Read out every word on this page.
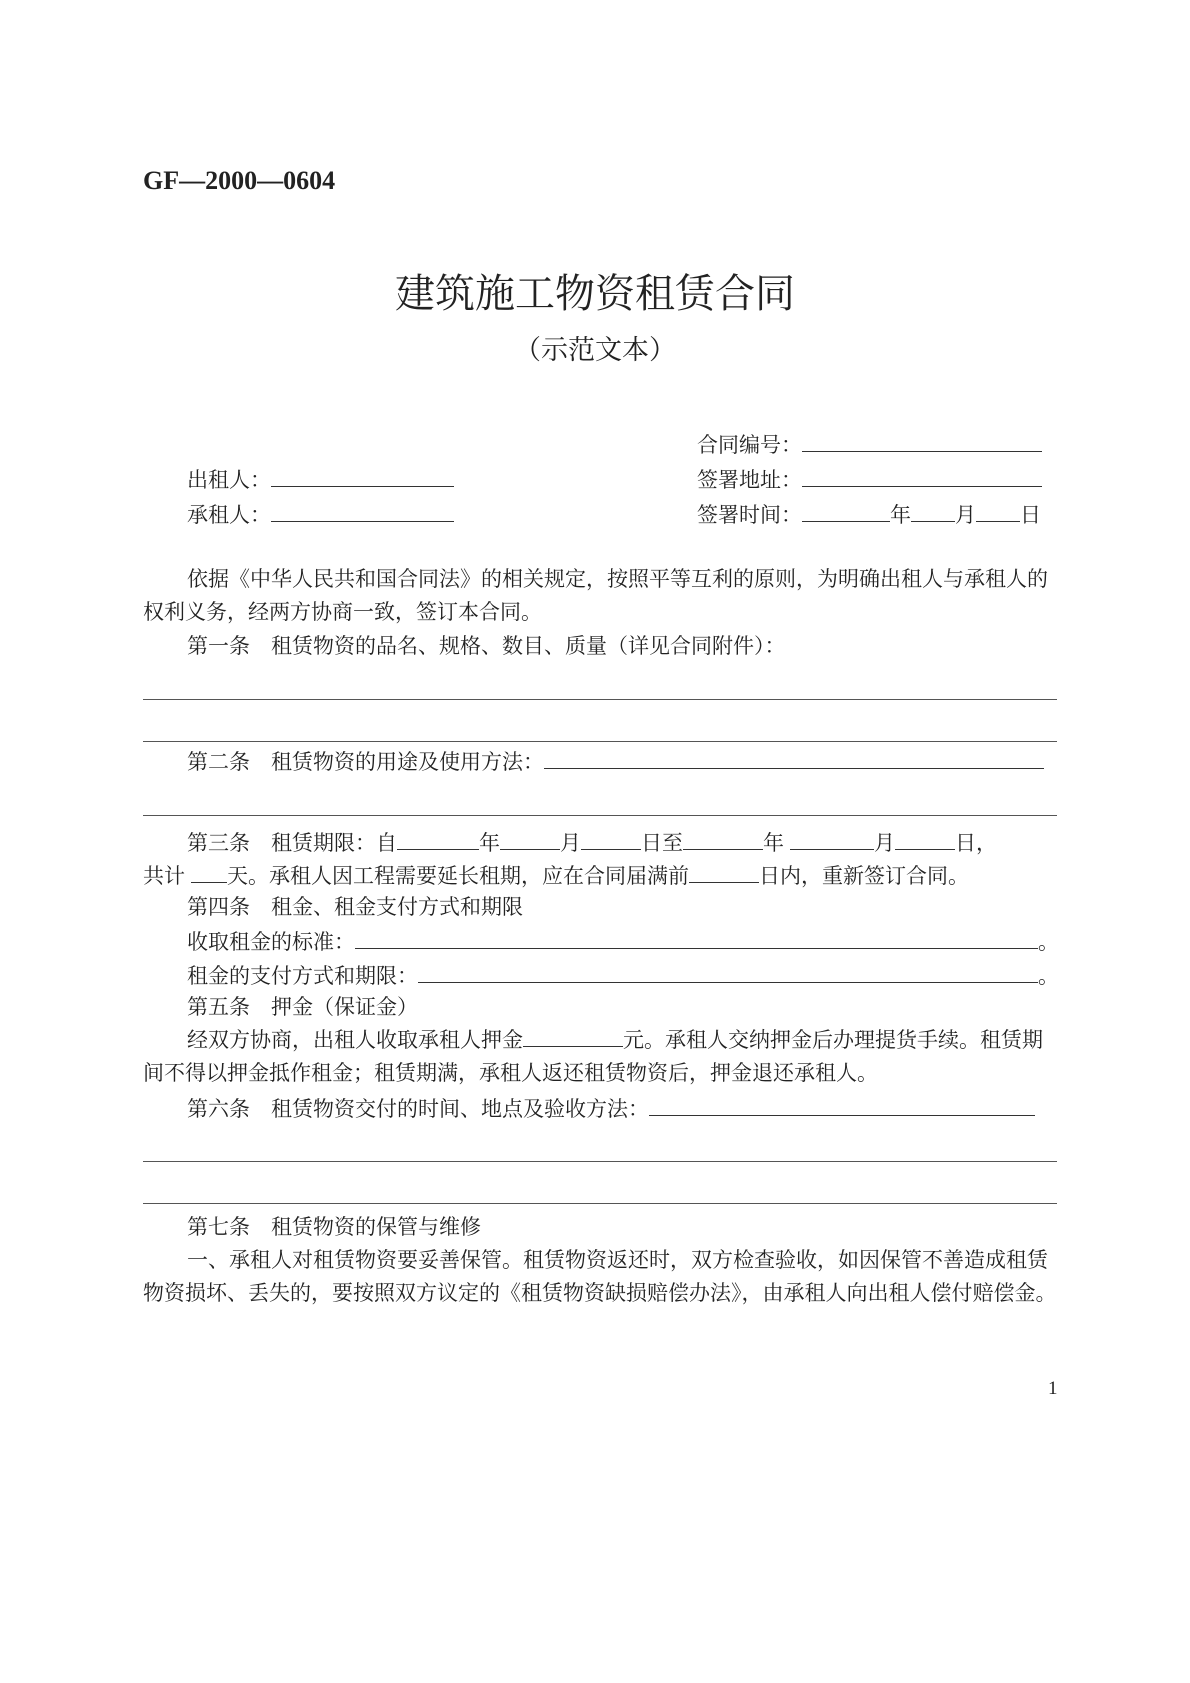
GF—2000—0604
建筑施工物资租赁合同
（示范文本）
合同编号：
出租人：	签署地址：
承租人：	签署时间：	年 月 日
依据《中华人民共和国合同法》的相关规定，按照平等互利的原则，为明确出租人与承租人的权利义务，经两方协商一致，签订本合同。
第一条　租赁物资的品名、规格、数目、质量（详见合同附件）：
第二条　租赁物资的用途及使用方法：
第三条　租赁期限：自	年	月	日至	年	月	日，
共计 天。承租人因工程需要延长租期，应在合同届满前	日内，重新签订合同。
第四条　租金、租金支付方式和期限
收取租金的标准：	。
租金的支付方式和期限：	。
第五条　押金（保证金）
经双方协商，出租人收取承租人押金	元。承租人交纳押金后办理提货手续。租赁期间不得以押金抵作租金；租赁期满，承租人返还租赁物资后，押金退还承租人。
第六条　租赁物资交付的时间、地点及验收方法：
第七条　租赁物资的保管与维修
一、承租人对租赁物资要妥善保管。租赁物资返还时，双方检查验收，如因保管不善造成租赁物资损坏、丢失的，要按照双方议定的《租赁物资缺损赔偿办法》，由承租人向出租人偿付赔偿金。
1
